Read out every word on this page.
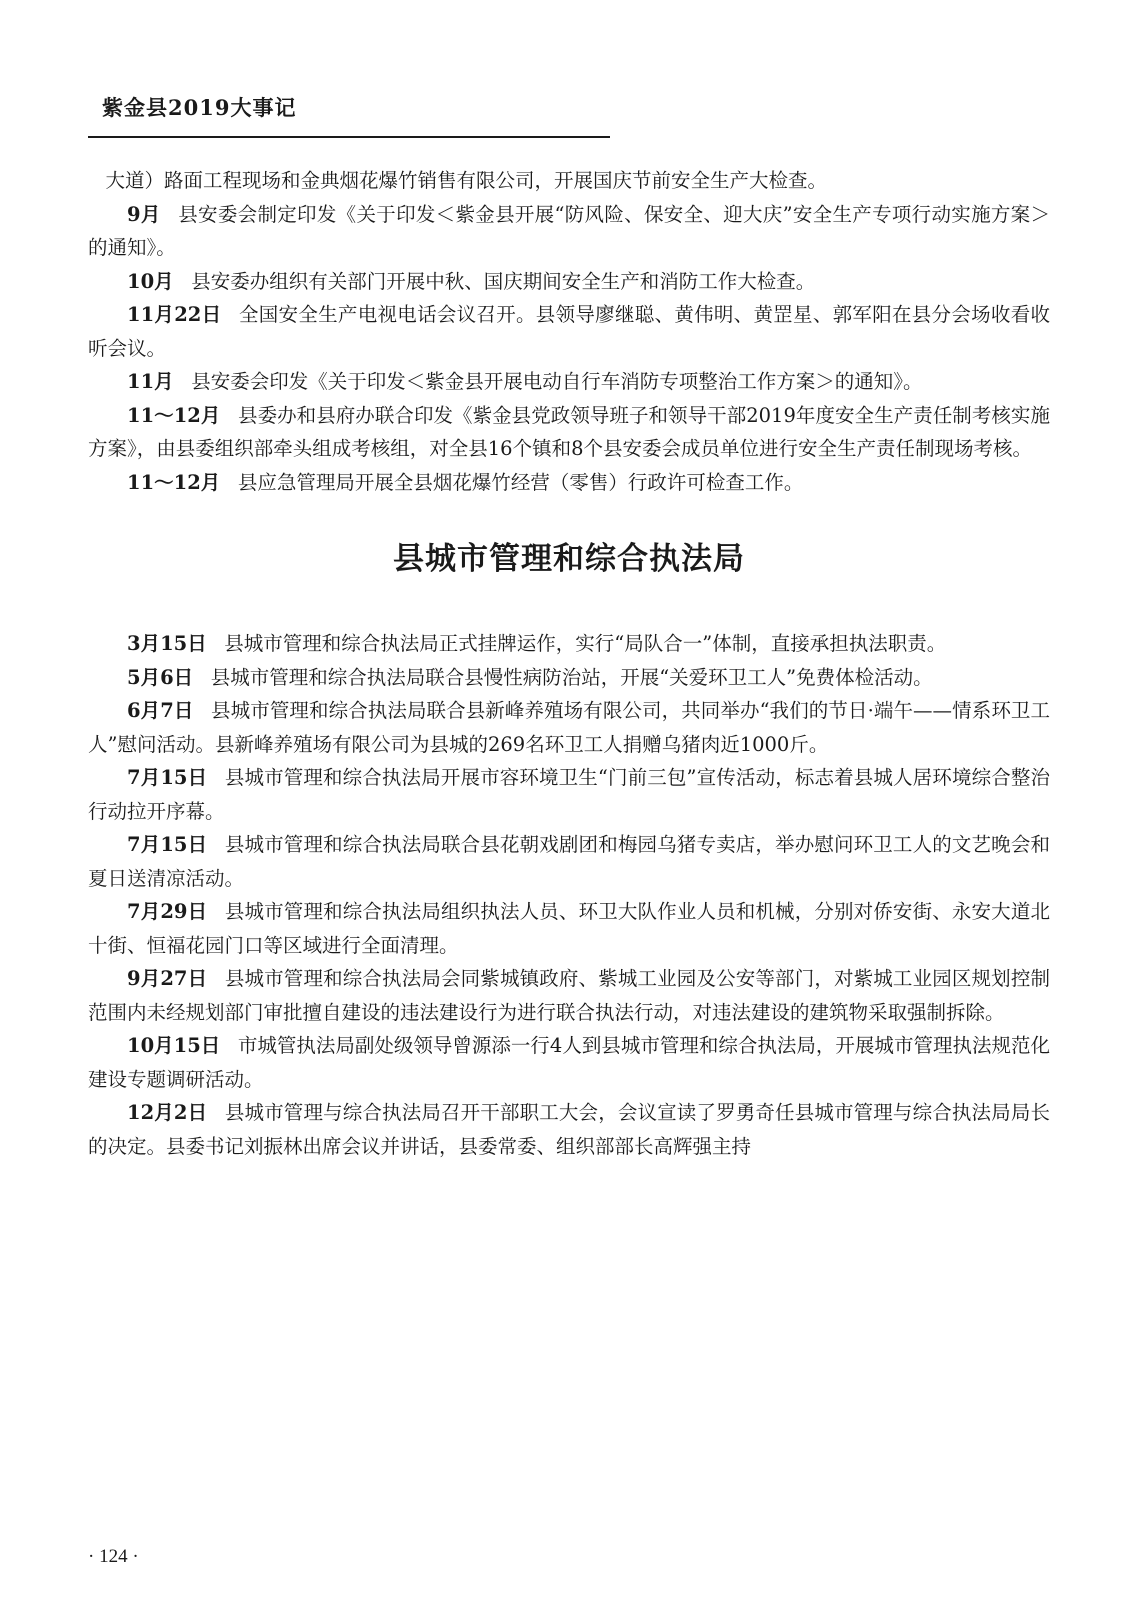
紫金县2019大事记

大道）路面工程现场和金典烟花爆竹销售有限公司，开展国庆节前安全生产大检查。

9月 县安委会制定印发《关于印发＜紫金县开展“防风险、保安全、迎大庆”安全生产专项行动实施方案＞的通知》。

10月 县安委办组织有关部门开展中秋、国庆期间安全生产和消防工作大检查。

11月22日 全国安全生产电视电话会议召开。县领导廖继聪、黄伟明、黄罡星、郭军阳在县分会场收看收听会议。

11月 县安委会印发《关于印发＜紫金县开展电动自行车消防专项整治工作方案＞的通知》。

11～12月 县委办和县府办联合印发《紫金县党政领导班子和领导干部2019年度安全生产责任制考核实施方案》，由县委组织部牵头组成考核组，对全县16个镇和8个县安委会成员单位进行安全生产责任制现场考核。

11～12月 县应急管理局开展全县烟花爆竹经营（零售）行政许可检查工作。

县城市管理和综合执法局

3月15日 县城市管理和综合执法局正式挂牌运作，实行“局队合一”体制，直接承担执法职责。

5月6日 县城市管理和综合执法局联合县慢性病防治站，开展“关爱环卫工人”免费体检活动。

6月7日 县城市管理和综合执法局联合县新峰养殖场有限公司，共同举办“我们的节日·端午——情系环卫工人”慰问活动。县新峰养殖场有限公司为县城的269名环卫工人捐赠乌猪肉近1000斤。

7月15日 县城市管理和综合执法局开展市容环境卫生“门前三包”宣传活动，标志着县城人居环境综合整治行动拉开序幕。

7月15日 县城市管理和综合执法局联合县花朝戏剧团和梅园乌猪专卖店，举办慰问环卫工人的文艺晚会和夏日送清凉活动。

7月29日 县城市管理和综合执法局组织执法人员、环卫大队作业人员和机械，分别对侨安街、永安大道北十街、恒福花园门口等区域进行全面清理。

9月27日 县城市管理和综合执法局会同紫城镇政府、紫城工业园及公安等部门，对紫城工业园区规划控制范围内未经规划部门审批擅自建设的违法建设行为进行联合执法行动，对违法建设的建筑物采取强制拆除。

10月15日 市城管执法局副处级领导曾源添一行4人到县城市管理和综合执法局，开展城市管理执法规范化建设专题调研活动。

12月2日 县城市管理与综合执法局召开干部职工大会，会议宣读了罗勇奇任县城市管理与综合执法局局长的决定。县委书记刘振林出席会议并讲话，县委常委、组织部部长高辉强主持

· 124 ·
